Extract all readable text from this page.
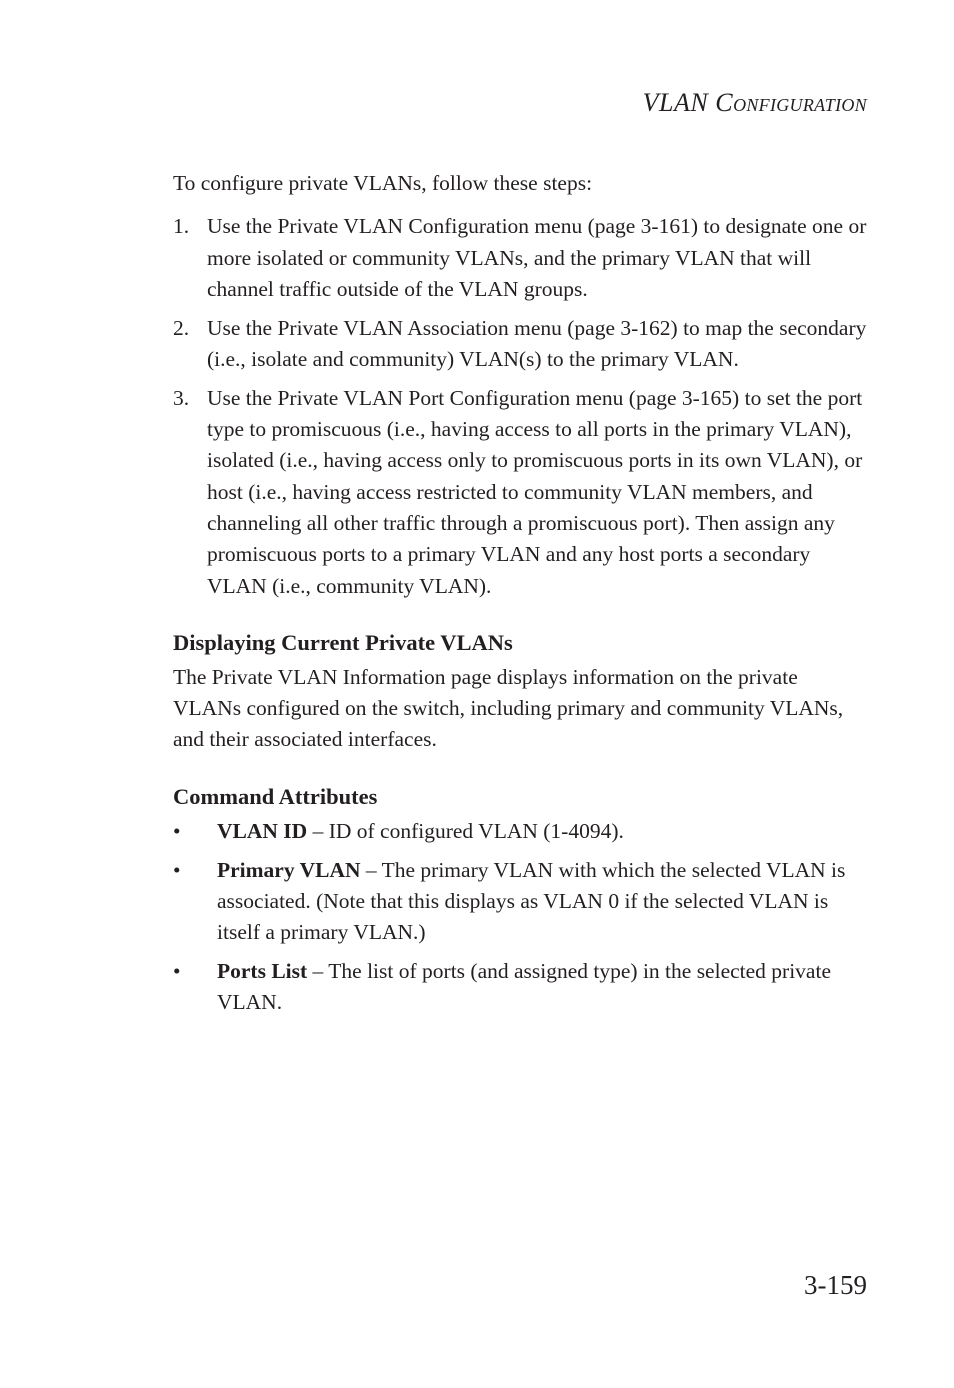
VLAN CONFIGURATION

To configure private VLANs, follow these steps:

1. Use the Private VLAN Configuration menu (page 3-161) to designate one or more isolated or community VLANs, and the primary VLAN that will channel traffic outside of the VLAN groups.
2. Use the Private VLAN Association menu (page 3-162) to map the secondary (i.e., isolate and community) VLAN(s) to the primary VLAN.
3. Use the Private VLAN Port Configuration menu (page 3-165) to set the port type to promiscuous (i.e., having access to all ports in the primary VLAN), isolated (i.e., having access only to promiscuous ports in its own VLAN), or host (i.e., having access restricted to community VLAN members, and channeling all other traffic through a promiscuous port). Then assign any promiscuous ports to a primary VLAN and any host ports a secondary VLAN (i.e., community VLAN).
Displaying Current Private VLANs

The Private VLAN Information page displays information on the private VLANs configured on the switch, including primary and community VLANs, and their associated interfaces.

Command Attributes
• VLAN ID – ID of configured VLAN (1-4094).
• Primary VLAN – The primary VLAN with which the selected VLAN is associated. (Note that this displays as VLAN 0 if the selected VLAN is itself a primary VLAN.)
• Ports List – The list of ports (and assigned type) in the selected private VLAN.
3-159
